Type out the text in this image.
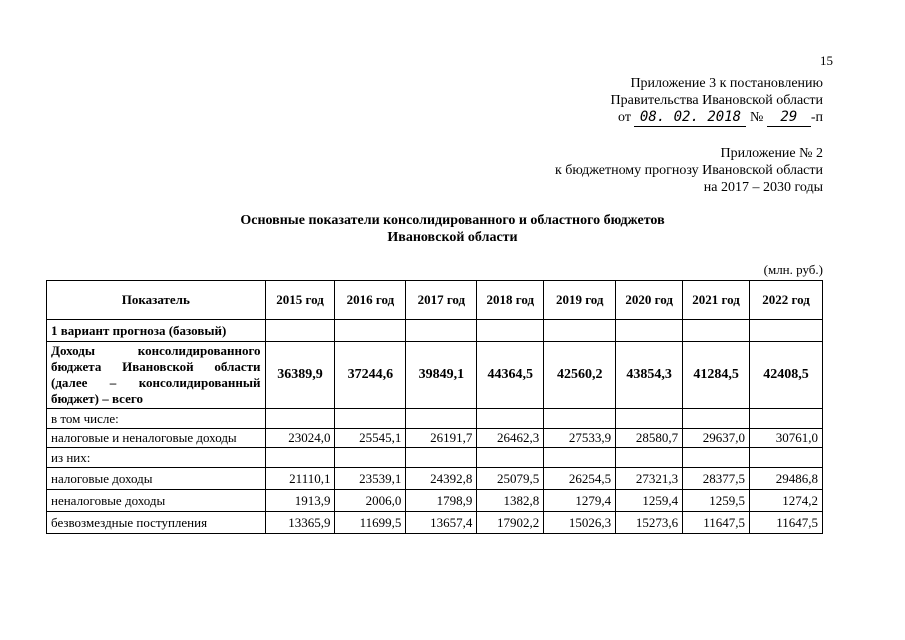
15
Приложение 3 к постановлению
Правительства Ивановской области
от 08. 02. 2018 № 29 -п
Приложение № 2
к бюджетному прогнозу Ивановской области
на 2017 – 2030 годы
Основные показатели консолидированного и областного бюджетов
Ивановской области
(млн. руб.)
Показатель	2015 год	2016 год	2017 год	2018 год	2019 год	2020 год	2021 год	2022 год
1 вариант прогноза (базовый)								
Доходы консолидированного бюджета Ивановской области (далее – консолидированный бюджет) – всего	36389,9	37244,6	39849,1	44364,5	42560,2	43854,3	41284,5	42408,5
в том числе:								
налоговые и неналоговые доходы	23024,0	25545,1	26191,7	26462,3	27533,9	28580,7	29637,0	30761,0
из них:								
налоговые доходы	21110,1	23539,1	24392,8	25079,5	26254,5	27321,3	28377,5	29486,8
неналоговые доходы	1913,9	2006,0	1798,9	1382,8	1279,4	1259,4	1259,5	1274,2
безвозмездные поступления	13365,9	11699,5	13657,4	17902,2	15026,3	15273,6	11647,5	11647,5
